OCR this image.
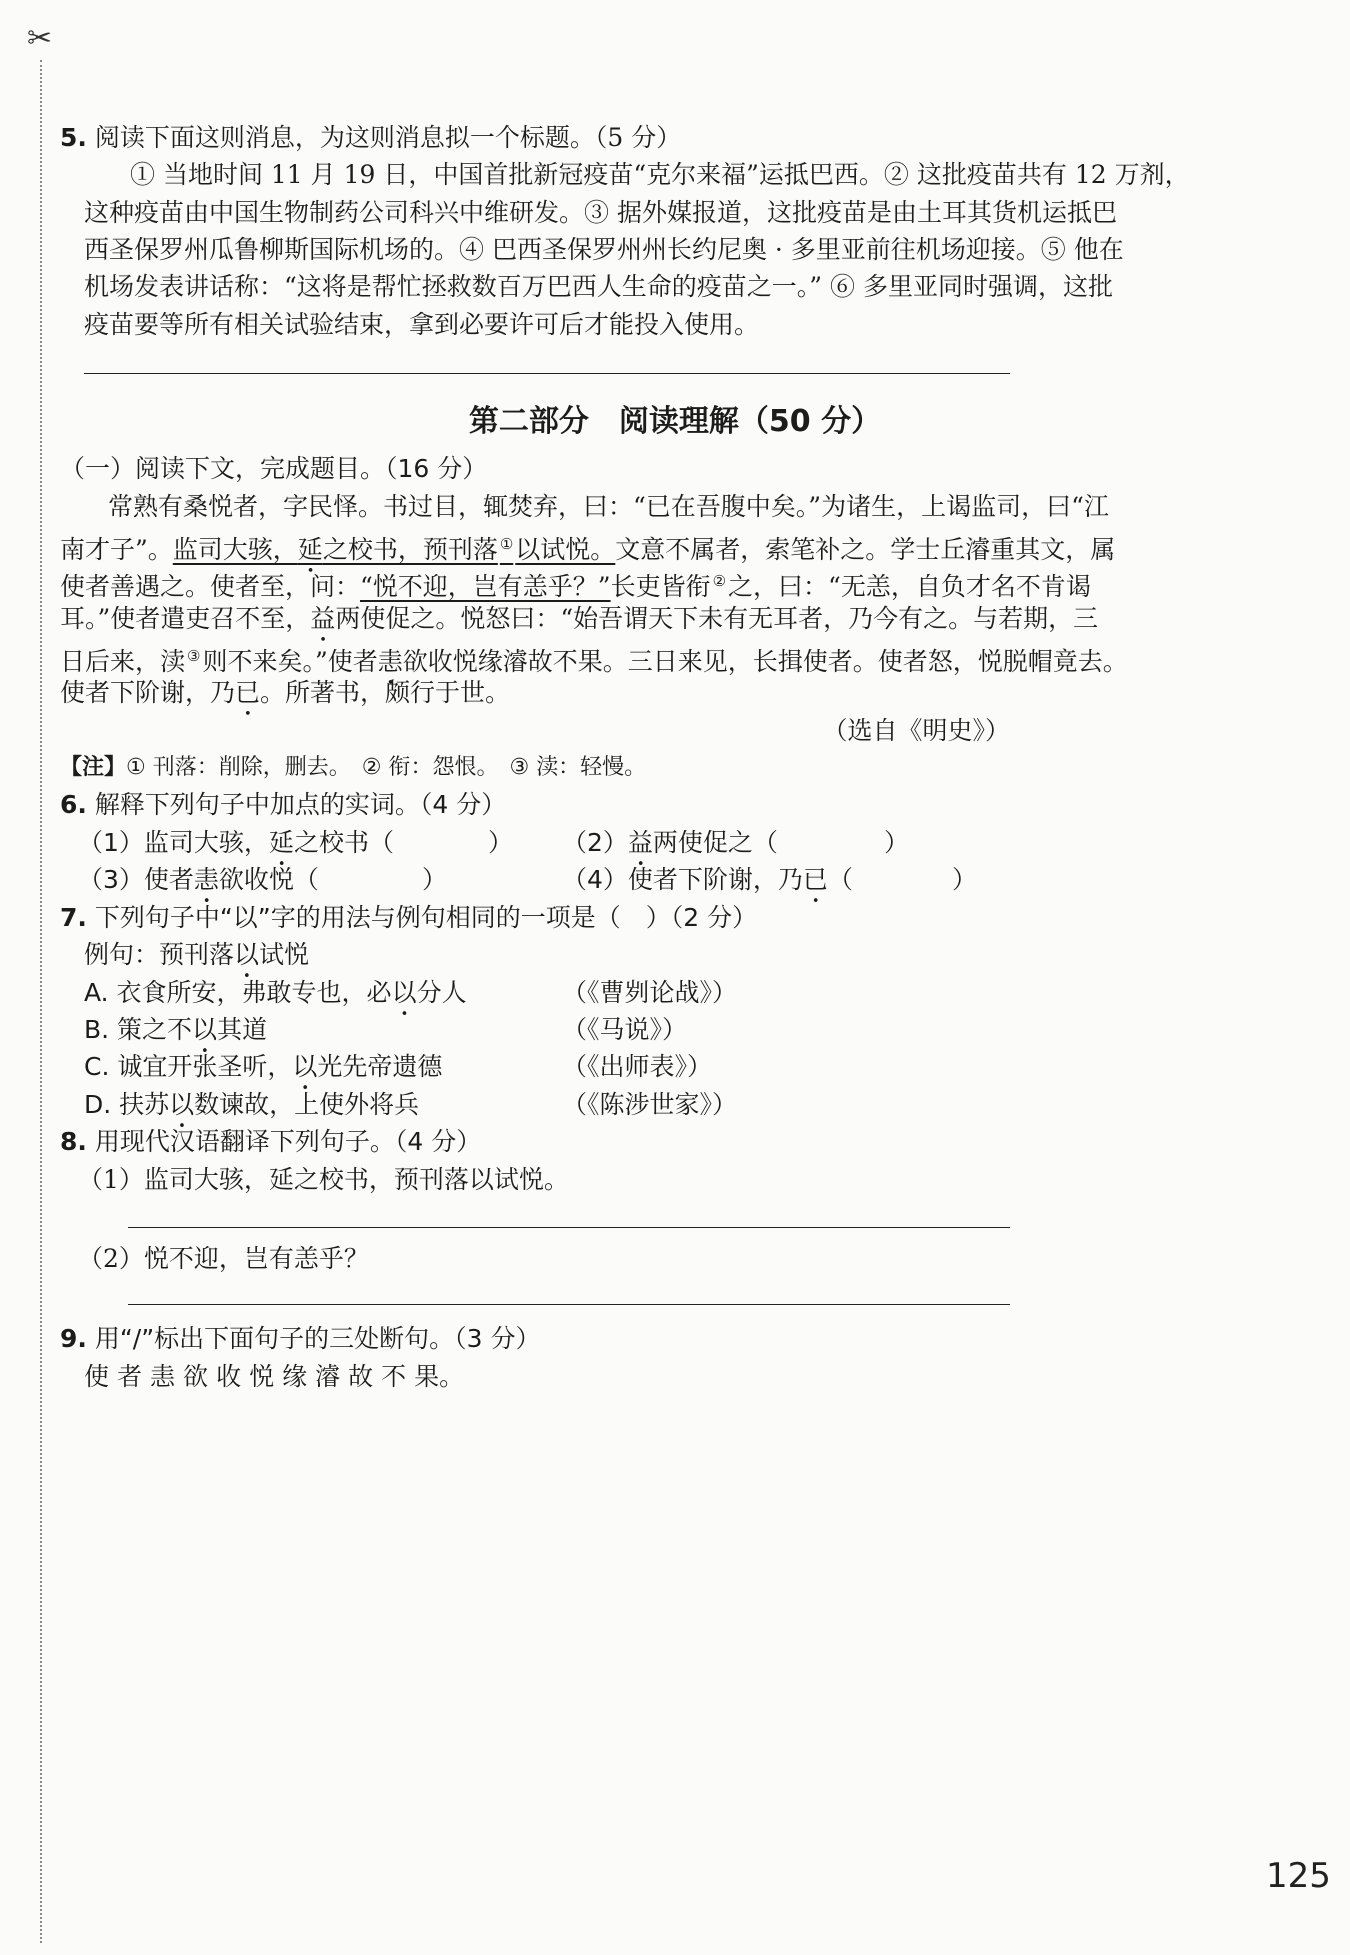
✂
5. 阅读下面这则消息，为这则消息拟一个标题。（5 分）
① 当地时间 11 月 19 日，中国首批新冠疫苗“克尔来福”运抵巴西。② 这批疫苗共有 12 万剂，
这种疫苗由中国生物制药公司科兴中维研发。③ 据外媒报道，这批疫苗是由土耳其货机运抵巴
西圣保罗州瓜鲁柳斯国际机场的。④ 巴西圣保罗州州长约尼奥 · 多里亚前往机场迎接。⑤ 他在
机场发表讲话称：“这将是帮忙拯救数百万巴西人生命的疫苗之一。” ⑥ 多里亚同时强调，这批
疫苗要等所有相关试验结束，拿到必要许可后才能投入使用。
第二部分　阅读理解（50 分）
（一）阅读下文，完成题目。（16 分）
常熟有桑悦者，字民怿。书过目，辄焚弃，曰：“已在吾腹中矣。”为诸生，上谒监司，曰“江
南才子”。监司大骇，延之校书，预刊落 ①以试悦。文意不属者，索笔补之。学士丘濬重其文，属
使者善遇之。使者至，问：“悦不迎，岂有恙乎？”长吏皆衔 ②之，曰：“无恙，自负才名不肯谒
耳。”使者遣吏召不至，益两使促之。悦怒曰：“始吾谓天下未有无耳者，乃今有之。与若期，三
日后来，渎 ③则不来矣。”使者恚欲收悦缘濬故不果。三日来见，长揖使者。使者怒，悦脱帽竟去。
使者下阶谢，乃已。所著书，颇行于世。
（选自《明史》）
【注】① 刊落：削除，删去。　② 衔：怨恨。　③ 渎：轻慢。
6. 解释下列句子中加点的实词。（4 分）
（1）监司大骇，延之校书（	） （2）益两使促之（	）
（3）使者恚欲收悦（	）	（4）使者下阶谢，乃已（	）
7. 下列句子中“以”字的用法与例句相同的一项是（　）（2 分）
例句：预刊落以试悦
A. 衣食所安，弗敢专也，必以分人	（《曹刿论战》）
B. 策之不以其道	（《马说》）
C. 诚宜开张圣听，以光先帝遗德	（《出师表》）
D. 扶苏以数谏故，上使外将兵	（《陈涉世家》）
8. 用现代汉语翻译下列句子。（4 分）
（1）监司大骇，延之校书，预刊落以试悦。
（2）悦不迎，岂有恙乎？
9. 用“/”标出下面句子的三处断句。（3 分）
使 者 恚 欲 收 悦 缘 濬 故 不 果。
125
